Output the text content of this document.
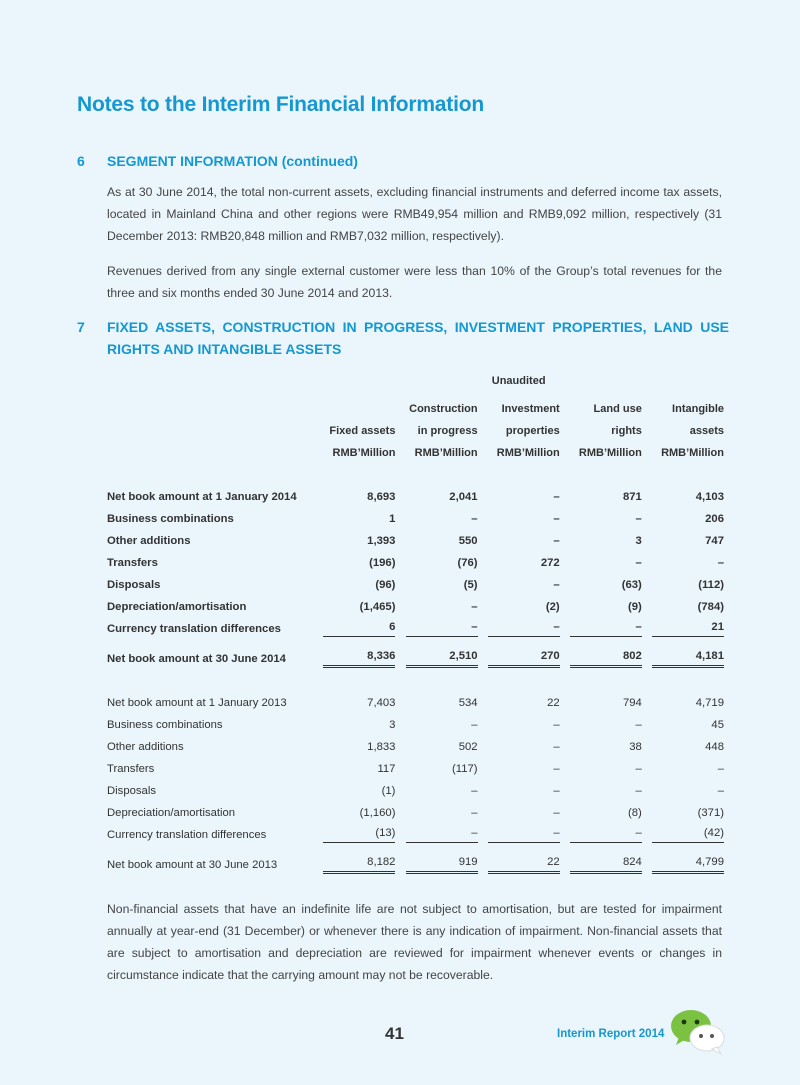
Notes to the Interim Financial Information
6 SEGMENT INFORMATION (continued)
As at 30 June 2014, the total non-current assets, excluding financial instruments and deferred income tax assets, located in Mainland China and other regions were RMB49,954 million and RMB9,092 million, respectively (31 December 2013: RMB20,848 million and RMB7,032 million, respectively).
Revenues derived from any single external customer were less than 10% of the Group’s total revenues for the three and six months ended 30 June 2014 and 2013.
7 FIXED ASSETS, CONSTRUCTION IN PROGRESS, INVESTMENT PROPERTIES, LAND USE RIGHTS AND INTANGIBLE ASSETS
	Unaudited				

		Construction	Investment	Land use	Intangible
	Fixed assets	in progress	properties	rights	assets
	RMB’Million	RMB’Million	RMB’Million	RMB’Million	RMB’Million

Net book amount at 1 January 2014	8,693	2,041	–	871	4,103
Business combinations	1	–	–	–	206
Other additions	1,393	550	–	3	747
Transfers	(196)	(76)	272	–	–
Disposals	(96)	(5)	–	(63)	(112)
Depreciation/amortisation	(1,465)	–	(2)	(9)	(784)
Currency translation differences	6	–	–	–	21

Net book amount at 30 June 2014	8,336	2,510	270	802	4,181

Net book amount at 1 January 2013	7,403	534	22	794	4,719
Business combinations	3	–	–	–	45
Other additions	1,833	502	–	38	448
Transfers	117	(117)	–	–	–
Disposals	(1)	–	–	–	–
Depreciation/amortisation	(1,160)	–	–	(8)	(371)
Currency translation differences	(13)	–	–	–	(42)

Net book amount at 30 June 2013	8,182	919	22	824	4,799
Non-financial assets that have an indefinite life are not subject to amortisation, but are tested for impairment annually at year-end (31 December) or whenever there is any indication of impairment. Non-financial assets that are subject to amortisation and depreciation are reviewed for impairment whenever events or changes in circumstance indicate that the carrying amount may not be recoverable.
41	Interim Report 2014
